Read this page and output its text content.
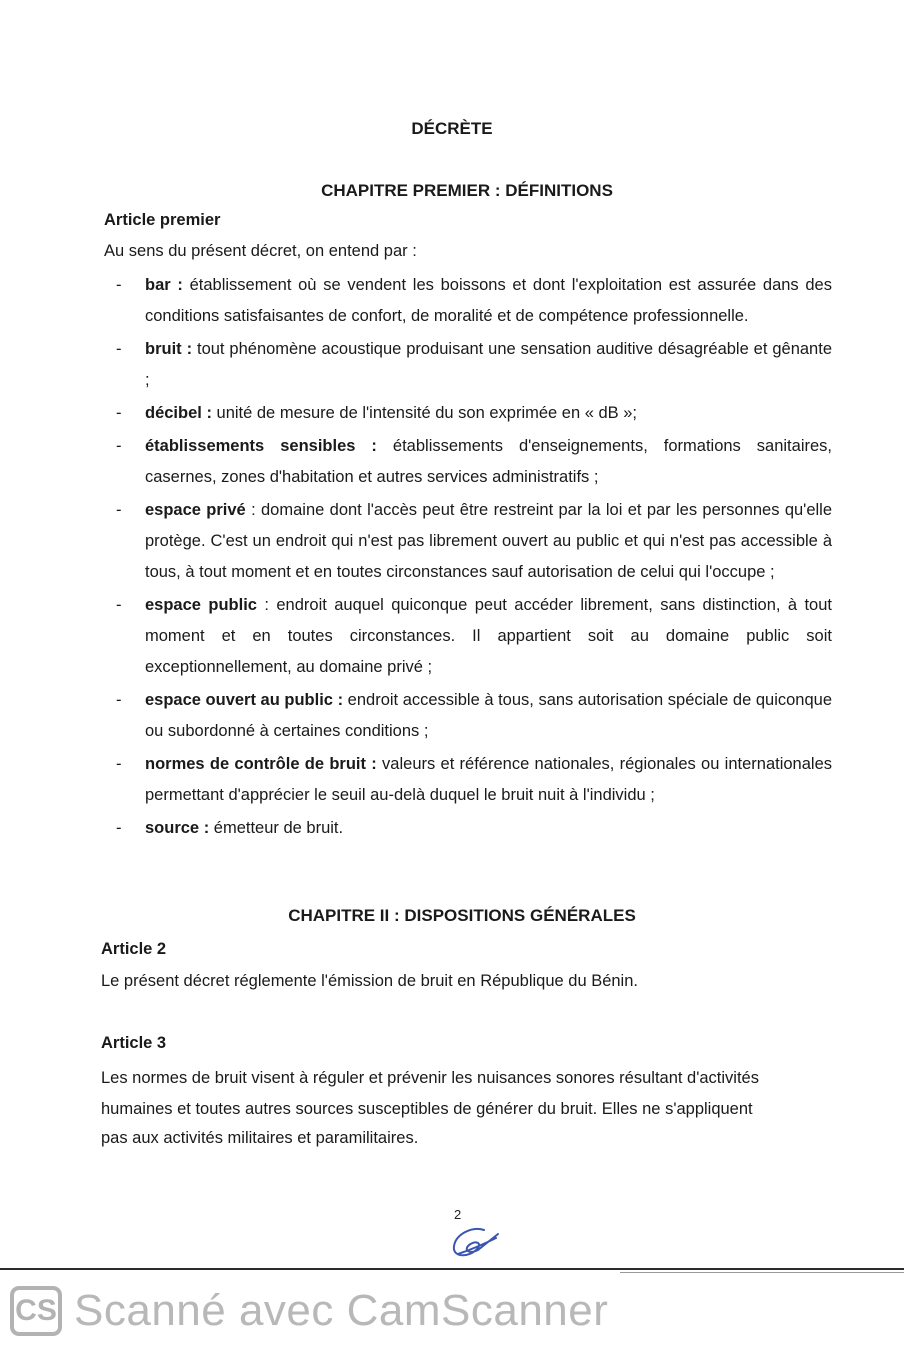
DÉCRÈTE
CHAPITRE PREMIER : DÉFINITIONS
Article premier
Au sens du présent décret, on entend par :
- bar : établissement où se vendent les boissons et dont l'exploitation est assurée dans des conditions satisfaisantes de confort, de moralité et de compétence professionnelle.
- bruit : tout phénomène acoustique produisant une sensation auditive désagréable et gênante ;
- décibel : unité de mesure de l'intensité du son exprimée en « dB »;
- établissements sensibles : établissements d'enseignements, formations sanitaires, casernes, zones d'habitation et autres services administratifs ;
- espace privé : domaine dont l'accès peut être restreint par la loi et par les personnes qu'elle protège. C'est un endroit qui n'est pas librement ouvert au public et qui n'est pas accessible à tous, à tout moment et en toutes circonstances sauf autorisation de celui qui l'occupe ;
- espace public : endroit auquel quiconque peut accéder librement, sans distinction, à tout moment et en toutes circonstances. Il appartient soit au domaine public soit exceptionnellement, au domaine privé ;
- espace ouvert au public : endroit accessible à tous, sans autorisation spéciale de quiconque ou subordonné à certaines conditions ;
- normes de contrôle de bruit : valeurs et référence nationales, régionales ou internationales permettant d'apprécier le seuil au-delà duquel le bruit nuit à l'individu ;
- source : émetteur de bruit.
CHAPITRE II : DISPOSITIONS GÉNÉRALES
Article 2
Le présent décret réglemente l'émission de bruit en République du Bénin.
Article 3
Les normes de bruit visent à réguler et prévenir les nuisances sonores résultant d'activités
humaines et toutes autres sources susceptibles de générer du bruit. Elles ne s'appliquent
pas aux activités militaires et paramilitaires.
2
CS Scanné avec CamScanner
